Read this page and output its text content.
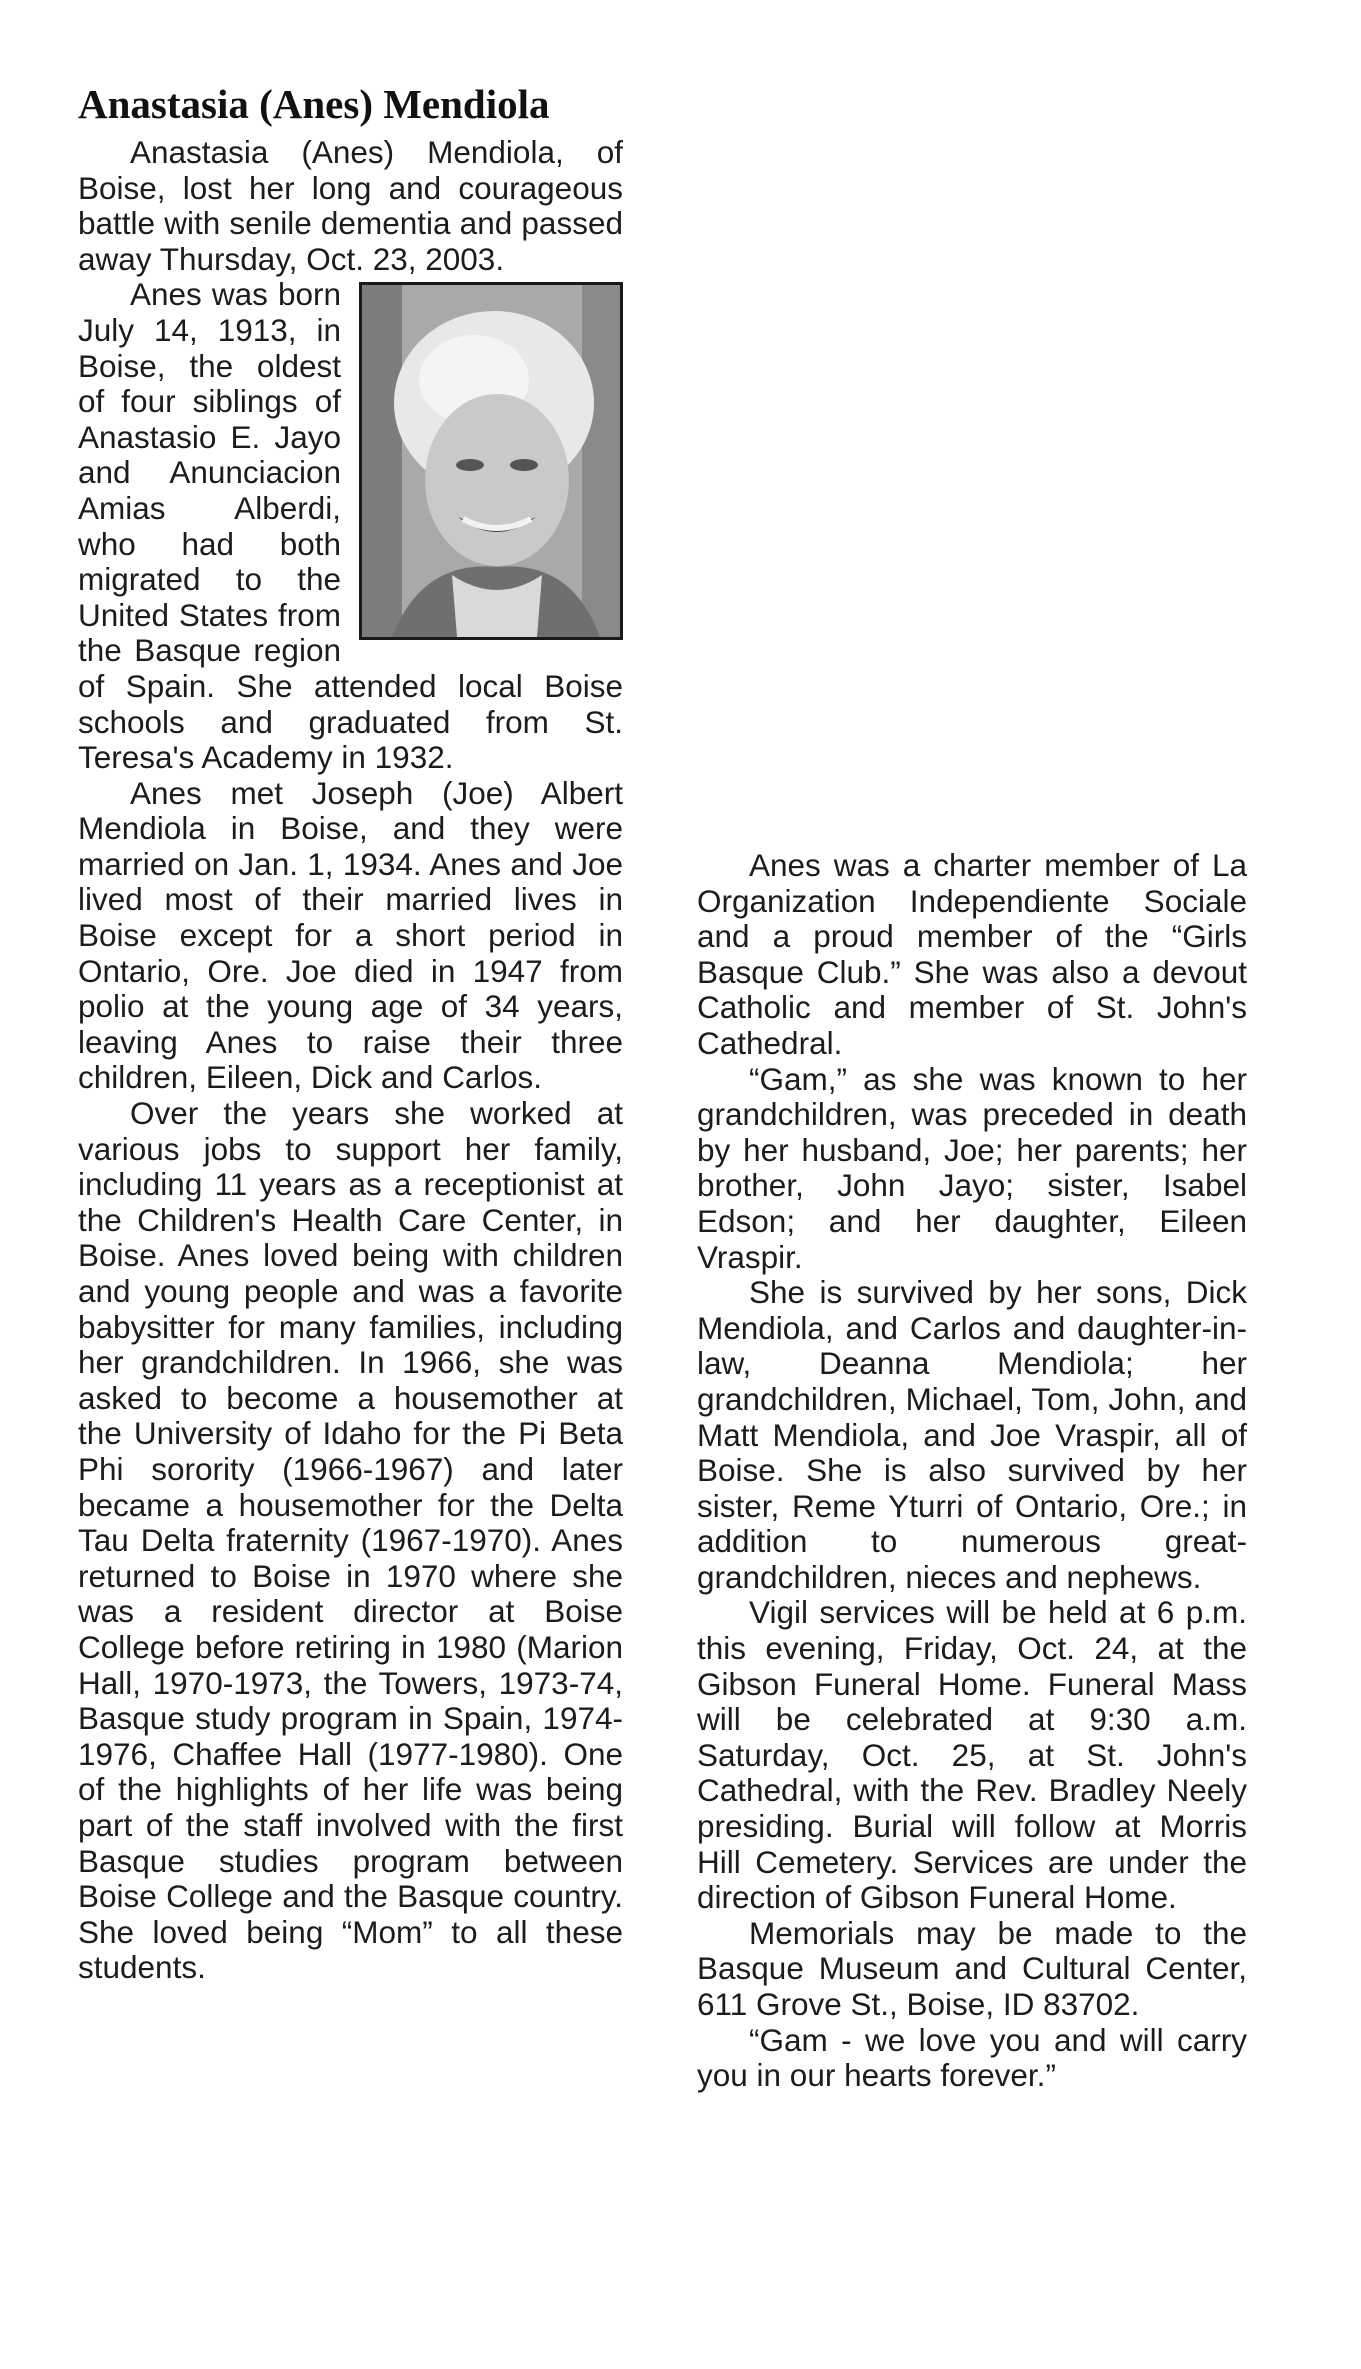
Anastasia (Anes) Mendiola

Anastasia (Anes) Mendiola, of Boise, lost her long and courageous battle with senile dementia and passed away Thursday, Oct. 23, 2003.

Anes was born July 14, 1913, in Boise, the oldest of four siblings of Anastasio E. Jayo and Anunciacion Amias Alberdi, who had both migrated to the United States from the Basque region of Spain. She attended local Boise schools and graduated from St. Teresa's Academy in 1932.

Anes met Joseph (Joe) Albert Mendiola in Boise, and they were married on Jan. 1, 1934. Anes and Joe lived most of their married lives in Boise except for a short period in Ontario, Ore. Joe died in 1947 from polio at the young age of 34 years, leaving Anes to raise their three children, Eileen, Dick and Carlos.

Over the years she worked at various jobs to support her family, including 11 years as a receptionist at the Children's Health Care Center, in Boise. Anes loved being with children and young people and was a favorite babysitter for many families, including her grandchildren. In 1966, she was asked to become a housemother at the University of Idaho for the Pi Beta Phi sorority (1966-1967) and later became a housemother for the Delta Tau Delta fraternity (1967-1970). Anes returned to Boise in 1970 where she was a resident director at Boise College before retiring in 1980 (Marion Hall, 1970-1973, the Towers, 1973-74, Basque study program in Spain, 1974-1976, Chaffee Hall (1977-1980). One of the highlights of her life was being part of the staff involved with the first Basque studies program between Boise College and the Basque country. She loved being “Mom” to all these students.

Anes was a charter member of La Organization Independiente Sociale and a proud member of the “Girls Basque Club.” She was also a devout Catholic and member of St. John's Cathedral.

“Gam,” as she was known to her grandchildren, was preceded in death by her husband, Joe; her parents; her brother, John Jayo; sister, Isabel Edson; and her daughter, Eileen Vraspir.

She is survived by her sons, Dick Mendiola, and Carlos and daughter-in-law, Deanna Mendiola; her grandchildren, Michael, Tom, John, and Matt Mendiola, and Joe Vraspir, all of Boise. She is also survived by her sister, Reme Yturri of Ontario, Ore.; in addition to numerous great-grandchildren, nieces and nephews.

Vigil services will be held at 6 p.m. this evening, Friday, Oct. 24, at the Gibson Funeral Home. Funeral Mass will be celebrated at 9:30 a.m. Saturday, Oct. 25, at St. John's Cathedral, with the Rev. Bradley Neely presiding. Burial will follow at Morris Hill Cemetery. Services are under the direction of Gibson Funeral Home.

Memorials may be made to the Basque Museum and Cultural Center, 611 Grove St., Boise, ID 83702.

“Gam - we love you and will carry you in our hearts forever.”
